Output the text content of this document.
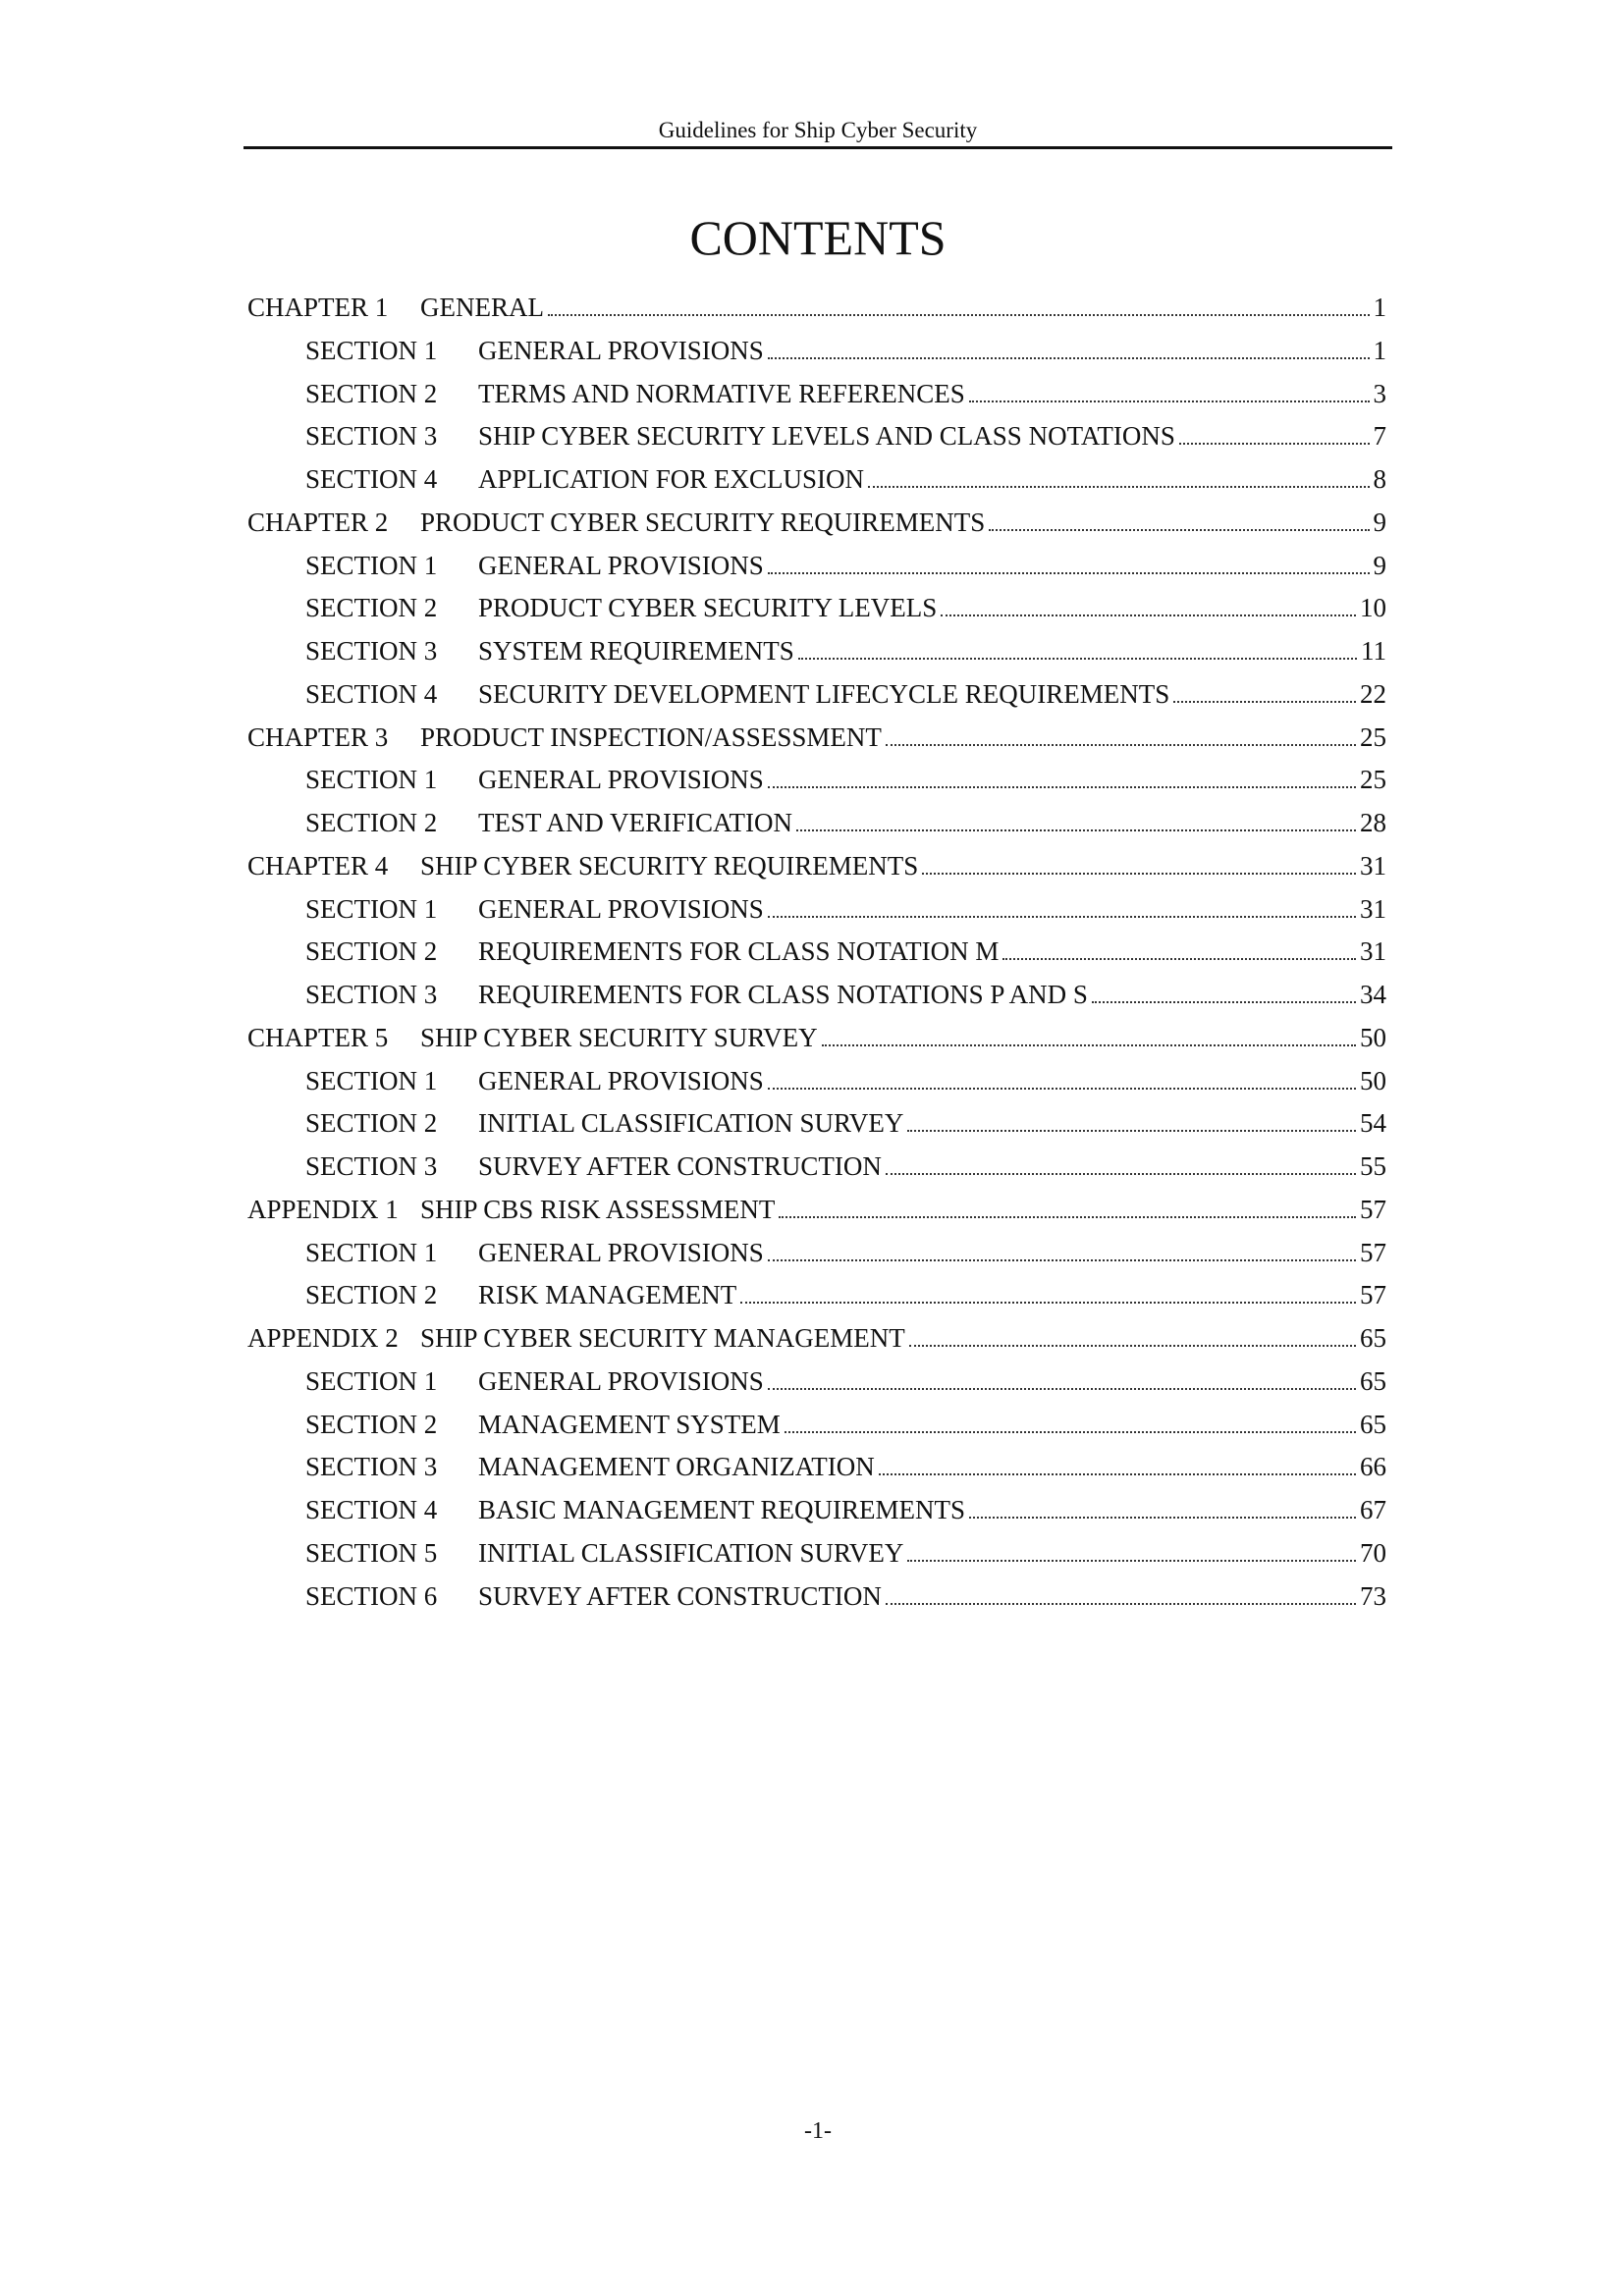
Guidelines for Ship Cyber Security
CONTENTS
CHAPTER 1	GENERAL	1
SECTION 1	GENERAL PROVISIONS	1
SECTION 2	TERMS AND NORMATIVE REFERENCES	3
SECTION 3	SHIP CYBER SECURITY LEVELS AND CLASS NOTATIONS	7
SECTION 4	APPLICATION FOR EXCLUSION	8
CHAPTER 2	PRODUCT CYBER SECURITY REQUIREMENTS	9
SECTION 1	GENERAL PROVISIONS	9
SECTION 2	PRODUCT CYBER SECURITY LEVELS	10
SECTION 3	SYSTEM REQUIREMENTS	11
SECTION 4	SECURITY DEVELOPMENT LIFECYCLE REQUIREMENTS	22
CHAPTER 3	PRODUCT INSPECTION/ASSESSMENT	25
SECTION 1	GENERAL PROVISIONS	25
SECTION 2	TEST AND VERIFICATION	28
CHAPTER 4	SHIP CYBER SECURITY REQUIREMENTS	31
SECTION 1	GENERAL PROVISIONS	31
SECTION 2	REQUIREMENTS FOR CLASS NOTATION M	31
SECTION 3	REQUIREMENTS FOR CLASS NOTATIONS P AND S	34
CHAPTER 5	SHIP CYBER SECURITY SURVEY	50
SECTION 1	GENERAL PROVISIONS	50
SECTION 2	INITIAL CLASSIFICATION SURVEY	54
SECTION 3	SURVEY AFTER CONSTRUCTION	55
APPENDIX 1 SHIP CBS RISK ASSESSMENT	57
SECTION 1	GENERAL PROVISIONS	57
SECTION 2	RISK MANAGEMENT	57
APPENDIX 2 SHIP CYBER SECURITY MANAGEMENT	65
SECTION 1	GENERAL PROVISIONS	65
SECTION 2	MANAGEMENT SYSTEM	65
SECTION 3	MANAGEMENT ORGANIZATION	66
SECTION 4	BASIC MANAGEMENT REQUIREMENTS	67
SECTION 5	INITIAL CLASSIFICATION SURVEY	70
SECTION 6	SURVEY AFTER CONSTRUCTION	73
-1-
